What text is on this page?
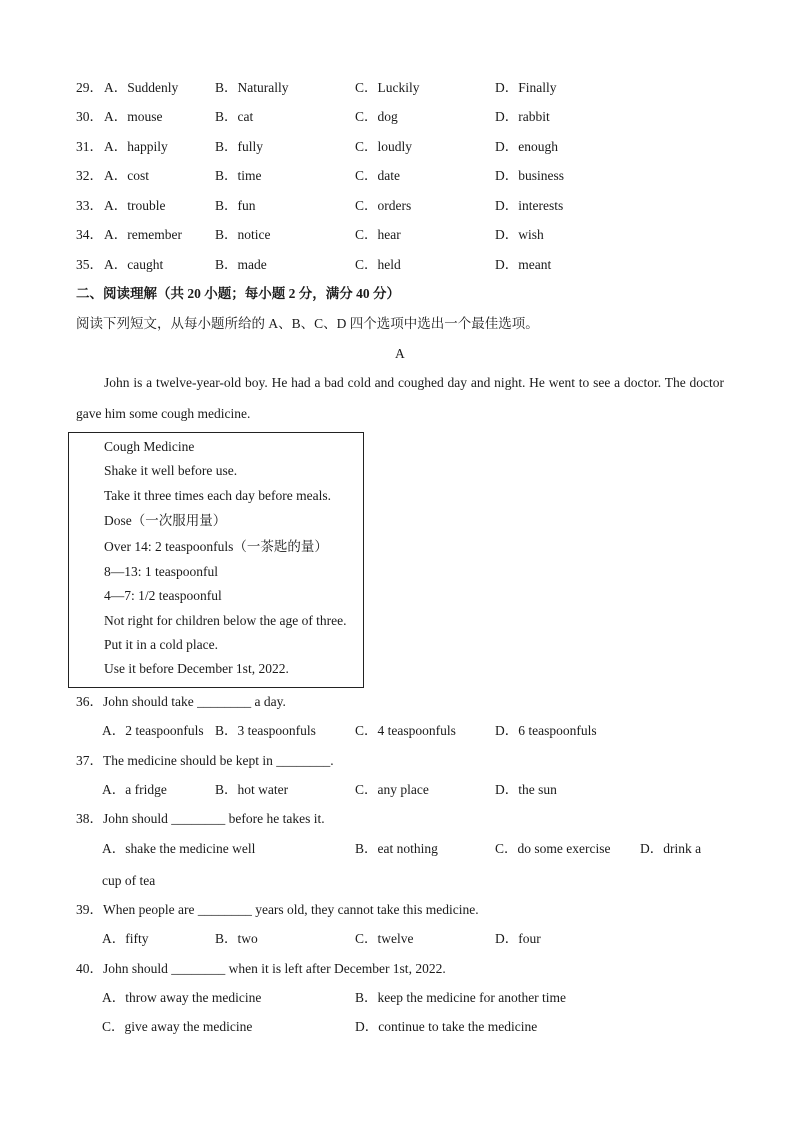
29． A．Suddenly	B．Naturally	C．Luckily	D．Finally
30． A．mouse	B．cat	C．dog	D．rabbit
31． A．happily	B．fully	C．loudly	D．enough
32． A．cost	B．time	C．date	D．business
33． A．trouble	B．fun	C．orders	D．interests
34． A．remember B．notice	C．hear	D．wish
35． A．caught	B．made	C．held	D．meant
二、阅读理解（共 20 小题；每小题 2 分，满分 40 分）
阅读下列短文，从每小题所给的 A、B、C、D 四个选项中选出一个最佳选项。
A
John is a twelve-year-old boy. He had a bad cold and coughed day and night. He went to see a doctor. The doctor gave him some cough medicine.
Cough Medicine
Shake it well before use.
Take it three times each day before meals.
Dose（一次服用量）
Over 14: 2 teaspoonfuls（一茶匙的量）
8—13: 1 teaspoonful
4—7: 1/2 teaspoonful
Not right for children below the age of three.
Put it in a cold place.
Use it before December 1st, 2022.
36．John should take ________ a day.
A．2 teaspoonfuls B．3 teaspoonfuls	C．4 teaspoonfuls	D．6 teaspoonfuls
37．The medicine should be kept in ________.
A．a fridge	B．hot water	C．any place	D．the sun
38．John should ________ before he takes it.
A．shake the medicine well	B．eat nothing	C．do some exercise D．drink a
cup of tea
39．When people are ________ years old, they cannot take this medicine.
A．fifty	B．two	C．twelve	D．four
40．John should ________ when it is left after December 1st, 2022.
A．throw away the medicine	B．keep the medicine for another time
C．give away the medicine	D．continue to take the medicine
